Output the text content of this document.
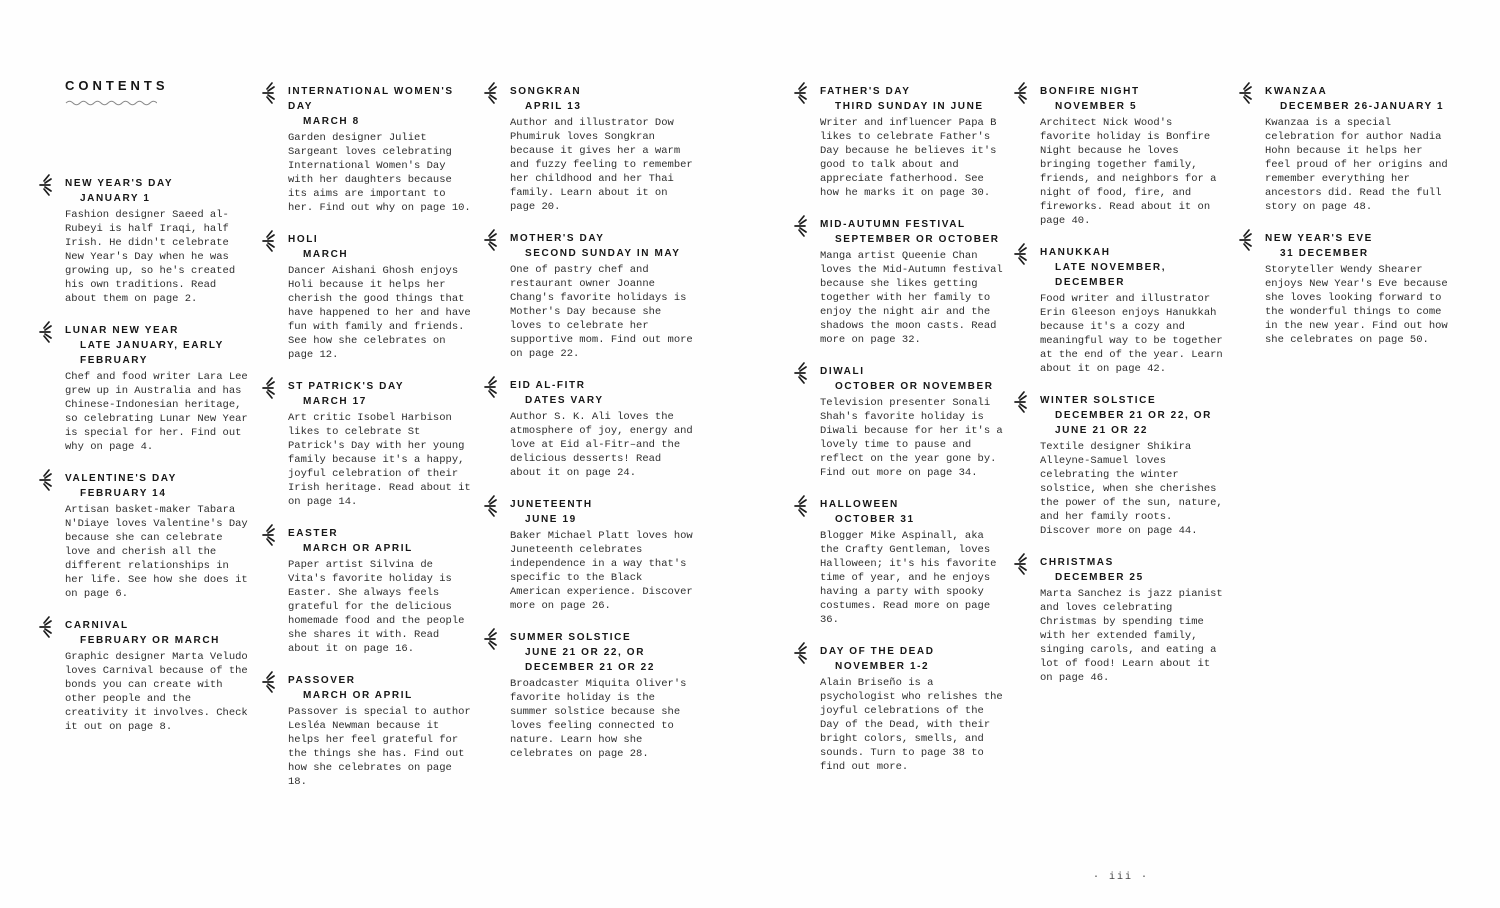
CONTENTS
NEW YEAR'S DAY
JANUARY 1
Fashion designer Saeed al-Rubeyi is half Iraqi, half Irish. He didn't celebrate New Year's Day when he was growing up, so he's created his own traditions. Read about them on page 2.
LUNAR NEW YEAR
LATE JANUARY, EARLY FEBRUARY
Chef and food writer Lara Lee grew up in Australia and has Chinese-Indonesian heritage, so celebrating Lunar New Year is special for her. Find out why on page 4.
VALENTINE'S DAY
FEBRUARY 14
Artisan basket-maker Tabara N'Diaye loves Valentine's Day because she can celebrate love and cherish all the different relationships in her life. See how she does it on page 6.
CARNIVAL
FEBRUARY OR MARCH
Graphic designer Marta Veludo loves Carnival because of the bonds you can create with other people and the creativity it involves. Check it out on page 8.
INTERNATIONAL WOMEN'S DAY
MARCH 8
Garden designer Juliet Sargeant loves celebrating International Women's Day with her daughters because its aims are important to her. Find out why on page 10.
HOLI
MARCH
Dancer Aishani Ghosh enjoys Holi because it helps her cherish the good things that have happened to her and have fun with family and friends. See how she celebrates on page 12.
ST PATRICK'S DAY
MARCH 17
Art critic Isobel Harbison likes to celebrate St Patrick's Day with her young family because it's a happy, joyful celebration of their Irish heritage. Read about it on page 14.
EASTER
MARCH OR APRIL
Paper artist Silvina de Vita's favorite holiday is Easter. She always feels grateful for the delicious homemade food and the people she shares it with. Read about it on page 16.
PASSOVER
MARCH OR APRIL
Passover is special to author Lesléa Newman because it helps her feel grateful for the things she has. Find out how she celebrates on page 18.
SONGKRAN
APRIL 13
Author and illustrator Dow Phumiruk loves Songkran because it gives her a warm and fuzzy feeling to remember her childhood and her Thai family. Learn about it on page 20.
MOTHER'S DAY
SECOND SUNDAY IN MAY
One of pastry chef and restaurant owner Joanne Chang's favorite holidays is Mother's Day because she loves to celebrate her supportive mom. Find out more on page 22.
EID AL-FITR
DATES VARY
Author S. K. Ali loves the atmosphere of joy, energy and love at Eid al-Fitr–and the delicious desserts! Read about it on page 24.
JUNETEENTH
JUNE 19
Baker Michael Platt loves how Juneteenth celebrates independence in a way that's specific to the Black American experience. Discover more on page 26.
SUMMER SOLSTICE
JUNE 21 OR 22, OR DECEMBER 21 OR 22
Broadcaster Miquita Oliver's favorite holiday is the summer solstice because she loves feeling connected to nature. Learn how she celebrates on page 28.
FATHER'S DAY
THIRD SUNDAY IN JUNE
Writer and influencer Papa B likes to celebrate Father's Day because he believes it's good to talk about and appreciate fatherhood. See how he marks it on page 30.
MID-AUTUMN FESTIVAL
SEPTEMBER OR OCTOBER
Manga artist Queenie Chan loves the Mid-Autumn festival because she likes getting together with her family to enjoy the night air and the shadows the moon casts. Read more on page 32.
DIWALI
OCTOBER OR NOVEMBER
Television presenter Sonali Shah's favorite holiday is Diwali because for her it's a lovely time to pause and reflect on the year gone by. Find out more on page 34.
HALLOWEEN
OCTOBER 31
Blogger Mike Aspinall, aka the Crafty Gentleman, loves Halloween; it's his favorite time of year, and he enjoys having a party with spooky costumes. Read more on page 36.
DAY OF THE DEAD
NOVEMBER 1-2
Alain Briseño is a psychologist who relishes the joyful celebrations of the Day of the Dead, with their bright colors, smells, and sounds. Turn to page 38 to find out more.
BONFIRE NIGHT
NOVEMBER 5
Architect Nick Wood's favorite holiday is Bonfire Night because he loves bringing together family, friends, and neighbors for a night of food, fire, and fireworks. Read about it on page 40.
HANUKKAH
LATE NOVEMBER, DECEMBER
Food writer and illustrator Erin Gleeson enjoys Hanukkah because it's a cozy and meaningful way to be together at the end of the year. Learn about it on page 42.
WINTER SOLSTICE
DECEMBER 21 OR 22, OR JUNE 21 OR 22
Textile designer Shikira Alleyne-Samuel loves celebrating the winter solstice, when she cherishes the power of the sun, nature, and her family roots. Discover more on page 44.
CHRISTMAS
DECEMBER 25
Marta Sanchez is jazz pianist and loves celebrating Christmas by spending time with her extended family, singing carols, and eating a lot of food! Learn about it on page 46.
KWANZAA
DECEMBER 26-JANUARY 1
Kwanzaa is a special celebration for author Nadia Hohn because it helps her feel proud of her origins and remember everything her ancestors did. Read the full story on page 48.
NEW YEAR'S EVE
31 DECEMBER
Storyteller Wendy Shearer enjoys New Year's Eve because she loves looking forward to the wonderful things to come in the new year. Find out how she celebrates on page 50.
· iii ·
